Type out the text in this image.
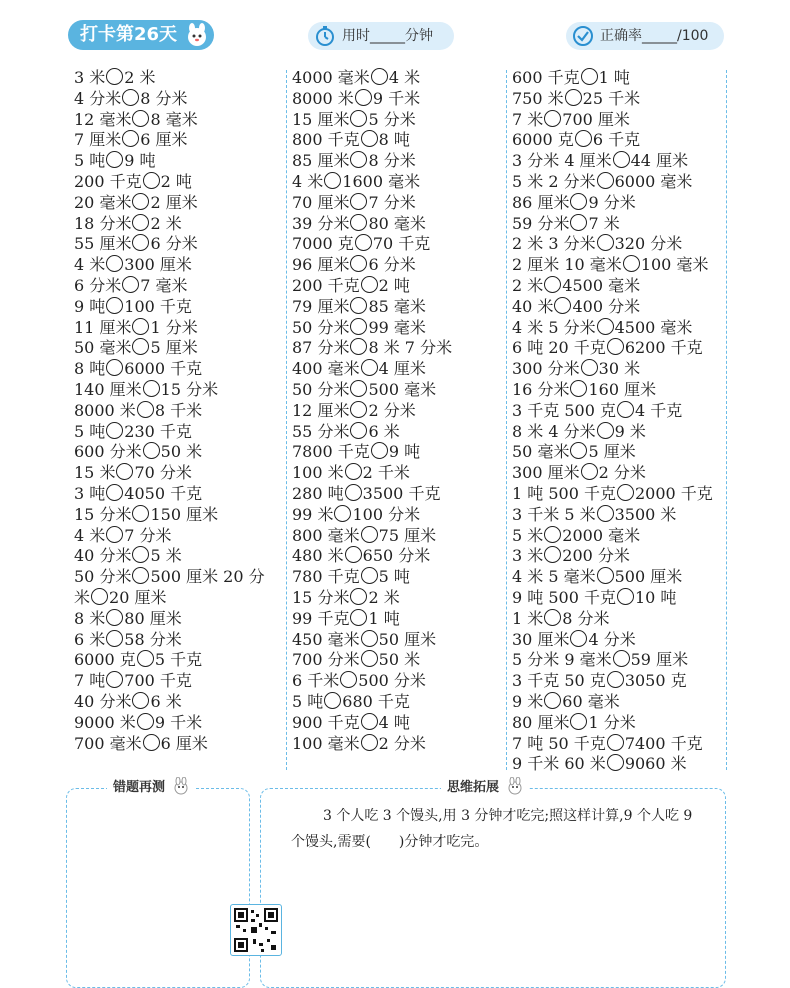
打卡第26天	用时_____分钟	正确率_____/100
3 米 2 米
4 分米 8 分米
12 毫米 8 毫米
7 厘米 6 厘米
5 吨 9 吨
200 千克 2 吨
20 毫米 2 厘米
18 分米 2 米
55 厘米 6 分米
4 米 300 厘米
6 分米 7 毫米
9 吨 100 千克
11 厘米 1 分米
50 毫米 5 厘米
8 吨 6000 千克
140 厘米 15 分米
8000 米 8 千米
5 吨 230 千克
600 分米 50 米
15 米 70 分米
3 吨 4050 千克
15 分米 150 厘米
4 米 7 分米
40 分米 5 米
50 分米 500 厘米 20 分
米 20 厘米
8 米 80 厘米
6 米 58 分米
6000 克 5 千克
7 吨 700 千克
40 分米 6 米
9000 米 9 千米
700 毫米 6 厘米
4000 毫米 4 米
8000 米 9 千米
15 厘米 5 分米
800 千克 8 吨
85 厘米 8 分米
4 米 1600 毫米
70 厘米 7 分米
39 分米 80 毫米
7000 克 70 千克
96 厘米 6 分米
200 千克 2 吨
79 厘米 85 毫米
50 分米 99 毫米
87 分米 8 米 7 分米
400 毫米 4 厘米
50 分米 500 毫米
12 厘米 2 分米
55 分米 6 米
7800 千克 9 吨
100 米 2 千米
280 吨 3500 千克
99 米 100 分米
800 毫米 75 厘米
480 米 650 分米
780 千克 5 吨
15 分米 2 米
99 千克 1 吨
450 毫米 50 厘米
700 分米 50 米
6 千米 500 分米
5 吨 680 千克
900 千克 4 吨
100 毫米 2 分米
600 千克 1 吨
750 米 25 千米
7 米 700 厘米
6000 克 6 千克
3 分米 4 厘米 44 厘米
5 米 2 分米 6000 毫米
86 厘米 9 分米
59 分米 7 米
2 米 3 分米 320 分米
2 厘米 10 毫米 100 毫米
2 米 4500 毫米
40 米 400 分米
4 米 5 分米 4500 毫米
6 吨 20 千克 6200 千克
300 分米 30 米
16 分米 160 厘米
3 千克 500 克 4 千克
8 米 4 分米 9 米
50 毫米 5 厘米
300 厘米 2 分米
1 吨 500 千克 2000 千克
3 千米 5 米 3500 米
5 米 2000 毫米
3 米 200 分米
4 米 5 毫米 500 厘米
9 吨 500 千克 10 吨
1 米 8 分米
30 厘米 4 分米
5 分米 9 毫米 59 厘米
3 千克 50 克 3050 克
9 米 60 毫米
80 厘米 1 分米
7 吨 50 千克 7400 千克
9 千米 60 米 9060 米
错题再测	思维拓展
3 个人吃 3 个馒头,用 3 分钟才吃完;照这样计算,9 个人吃 9 个馒头,需要(　　)分钟才吃完。
